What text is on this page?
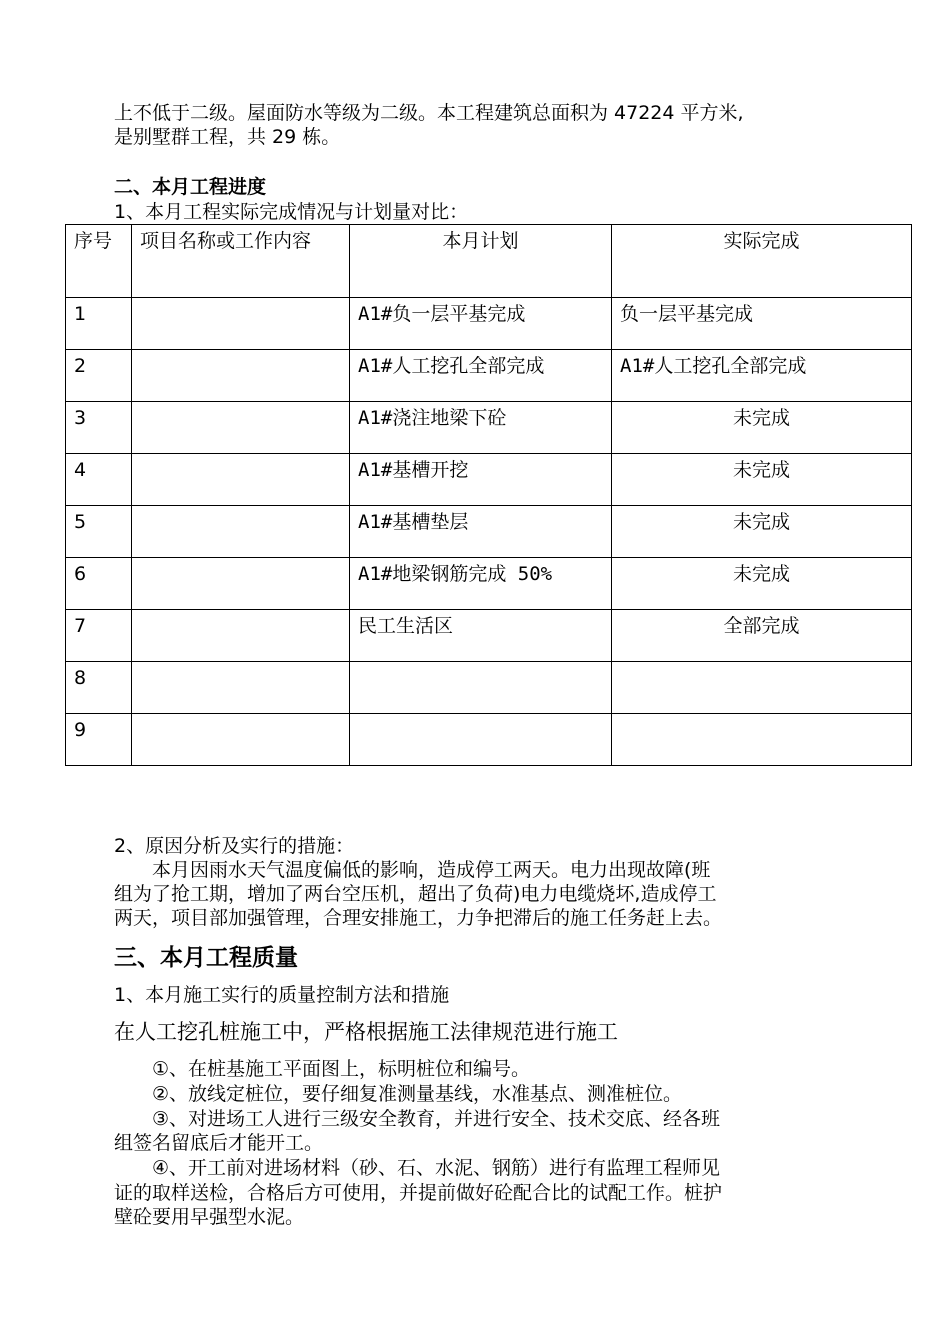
上不低于二级。屋面防水等级为二级。本工程建筑总面积为 47224 平方米,
是别墅群工程，共 29 栋。
二、本月工程进度
1、本月工程实际完成情况与计划量对比：
序号	项目名称或工作内容	本月计划	实际完成
1		A1#负一层平基完成	负一层平基完成
2		A1#人工挖孔全部完成	A1#人工挖孔全部完成
3		A1#浇注地梁下砼	未完成
4		A1#基槽开挖	未完成
5		A1#基槽垫层	未完成
6		A1#地梁钢筋完成 50%	未完成
7		民工生活区	全部完成
8			
9			
2、原因分析及实行的措施：
本月因雨水天气温度偏低的影响，造成停工两天。电力出现故障(班
组为了抢工期，增加了两台空压机，超出了负荷)电力电缆烧坏,造成停工
两天，项目部加强管理，合理安排施工，力争把滞后的施工任务赶上去。
三、本月工程质量
1、本月施工实行的质量控制方法和措施
在人工挖孔桩施工中，严格根据施工法律规范进行施工
①、在桩基施工平面图上，标明桩位和编号。
②、放线定桩位，要仔细复准测量基线，水准基点、测准桩位。
③、对进场工人进行三级安全教育，并进行安全、技术交底、经各班
组签名留底后才能开工。
④、开工前对进场材料（砂、石、水泥、钢筋）进行有监理工程师见
证的取样送检，合格后方可使用，并提前做好砼配合比的试配工作。桩护
壁砼要用早强型水泥。
